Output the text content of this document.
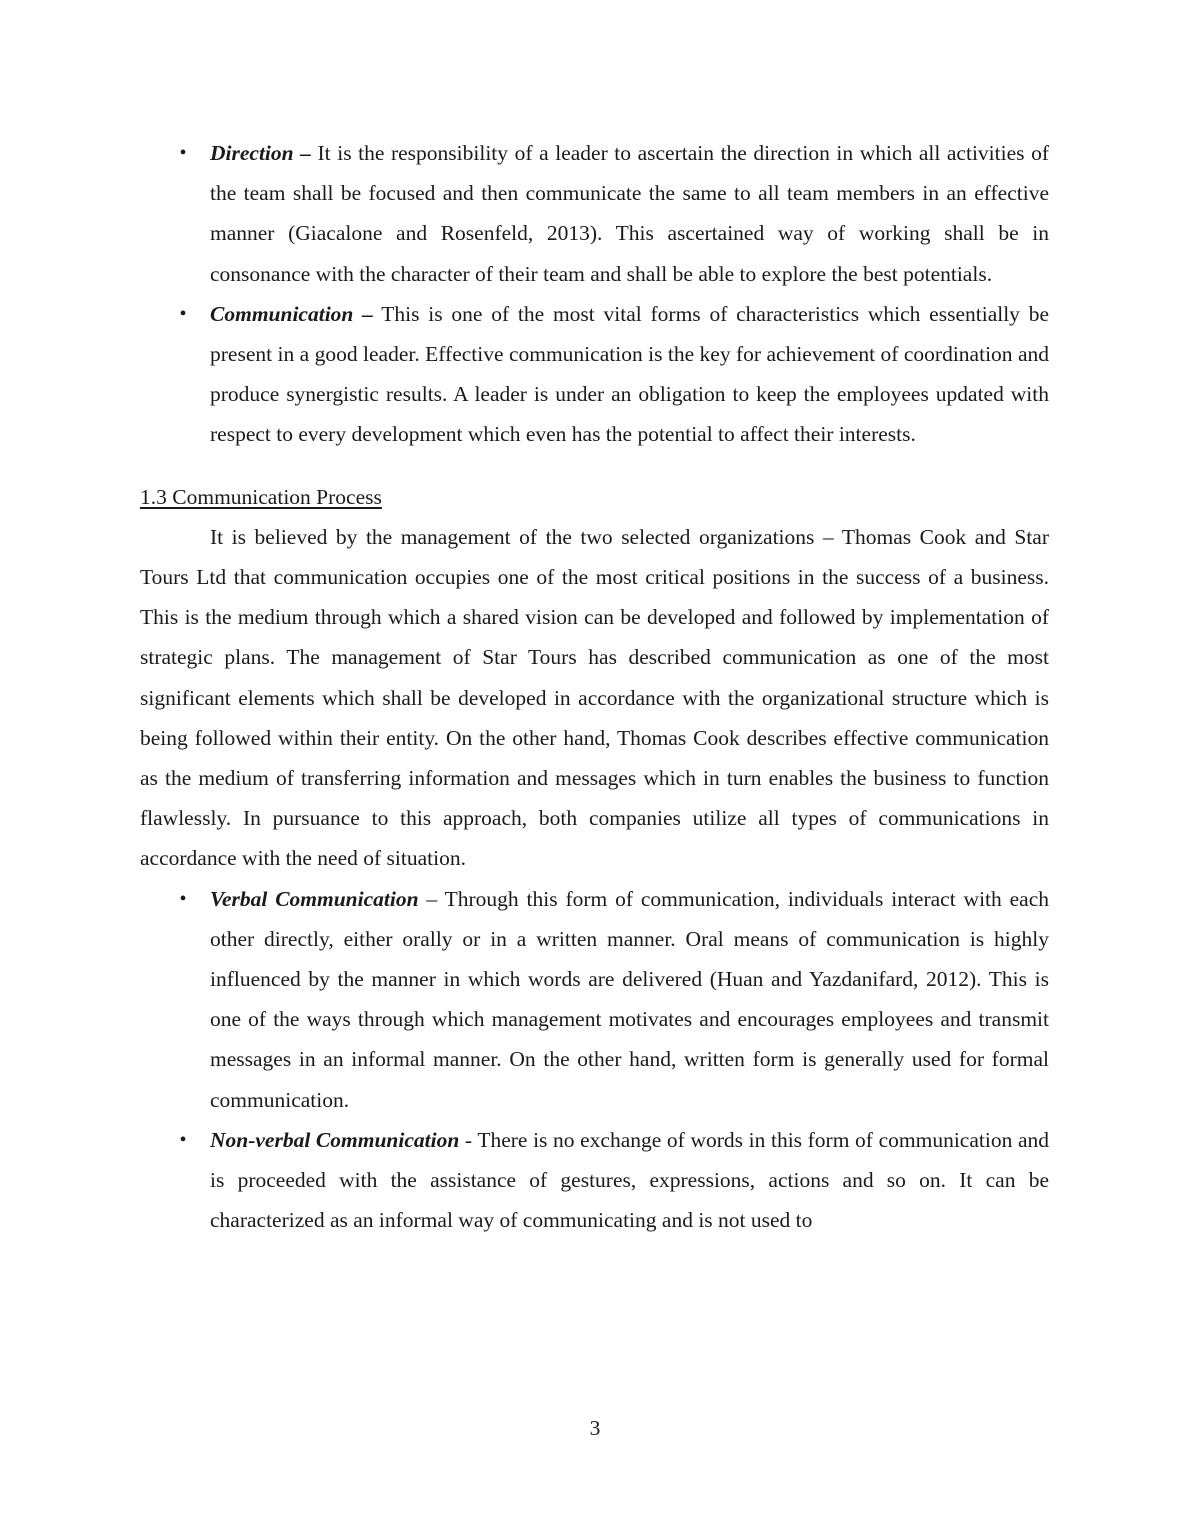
• Direction – It is the responsibility of a leader to ascertain the direction in which all activities of the team shall be focused and then communicate the same to all team members in an effective manner (Giacalone and Rosenfeld, 2013). This ascertained way of working shall be in consonance with the character of their team and shall be able to explore the best potentials.
• Communication – This is one of the most vital forms of characteristics which essentially be present in a good leader. Effective communication is the key for achievement of coordination and produce synergistic results. A leader is under an obligation to keep the employees updated with respect to every development which even has the potential to affect their interests.
1.3 Communication Process

It is believed by the management of the two selected organizations – Thomas Cook and Star Tours Ltd that communication occupies one of the most critical positions in the success of a business. This is the medium through which a shared vision can be developed and followed by implementation of strategic plans. The management of Star Tours has described communication as one of the most significant elements which shall be developed in accordance with the organizational structure which is being followed within their entity. On the other hand, Thomas Cook describes effective communication as the medium of transferring information and messages which in turn enables the business to function flawlessly. In pursuance to this approach, both companies utilize all types of communications in accordance with the need of situation.

• Verbal Communication – Through this form of communication, individuals interact with each other directly, either orally or in a written manner. Oral means of communication is highly influenced by the manner in which words are delivered (Huan and Yazdanifard, 2012). This is one of the ways through which management motivates and encourages employees and transmit messages in an informal manner. On the other hand, written form is generally used for formal communication.
• Non-verbal Communication - There is no exchange of words in this form of communication and is proceeded with the assistance of gestures, expressions, actions and so on. It can be characterized as an informal way of communicating and is not used to
3
